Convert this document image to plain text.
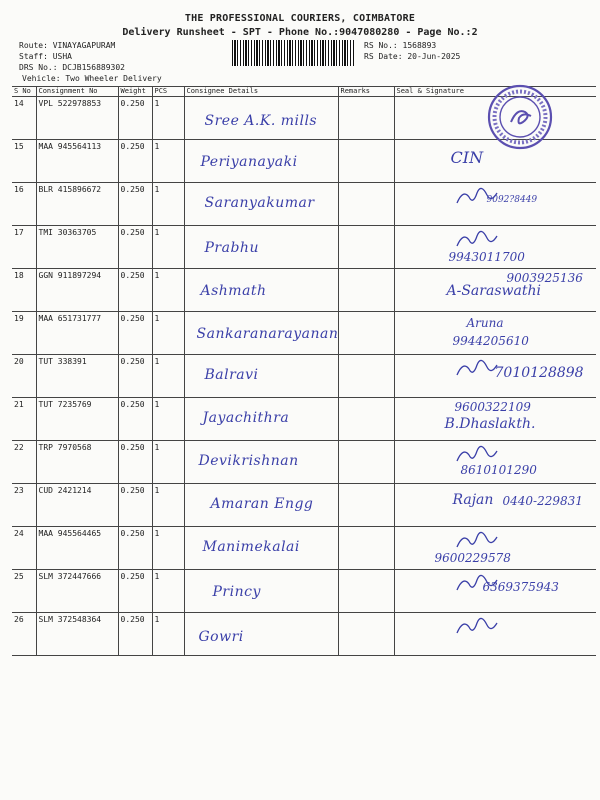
THE PROFESSIONAL COURIERS, COIMBATORE
Delivery Runsheet - SPT - Phone No.:9047080280 - Page No.:2
Route: VINAYAGAPURAM
Staff: USHA
DRS No.: DCJB156889302
Vehicle: Two Wheeler Delivery
RS No.: 1568893
RS Date: 20-Jun-2025
S No	Consignment No	Weight	PCS	Consignee Details	Remarks	Seal & Signature
14	VPL 522978853	0.250	1	Sree A.K. mills		

15	MAA 945564113	0.250	1	Periyanayaki		CIN

16	BLR 415896672	0.250	1	Saranyakumar		9092?8449

17	TMI 30363705	0.250	1	Prabhu		9943011700

18	GGN 911897294	0.250	1	Ashmath		A-Saraswathi
9003925136

19	MAA 651731777	0.250	1	Sankaranarayanan		Aruna
9944205610

20	TUT 338391	0.250	1	Balravi		7010128898

21	TUT 7235769	0.250	1	Jayachithra		B.Dhaslakth.
9600322109

22	TRP 7970568	0.250	1	Devikrishnan		8610101290

23	CUD 2421214	0.250	1	Amaran Engg		Rajan 0440-229831

24	MAA 945564465	0.250	1	Manimekalai		9600229578

25	SLM 372447666	0.250	1	Princy		6369375943

26	SLM 372548364	0.250	1	Gowri
